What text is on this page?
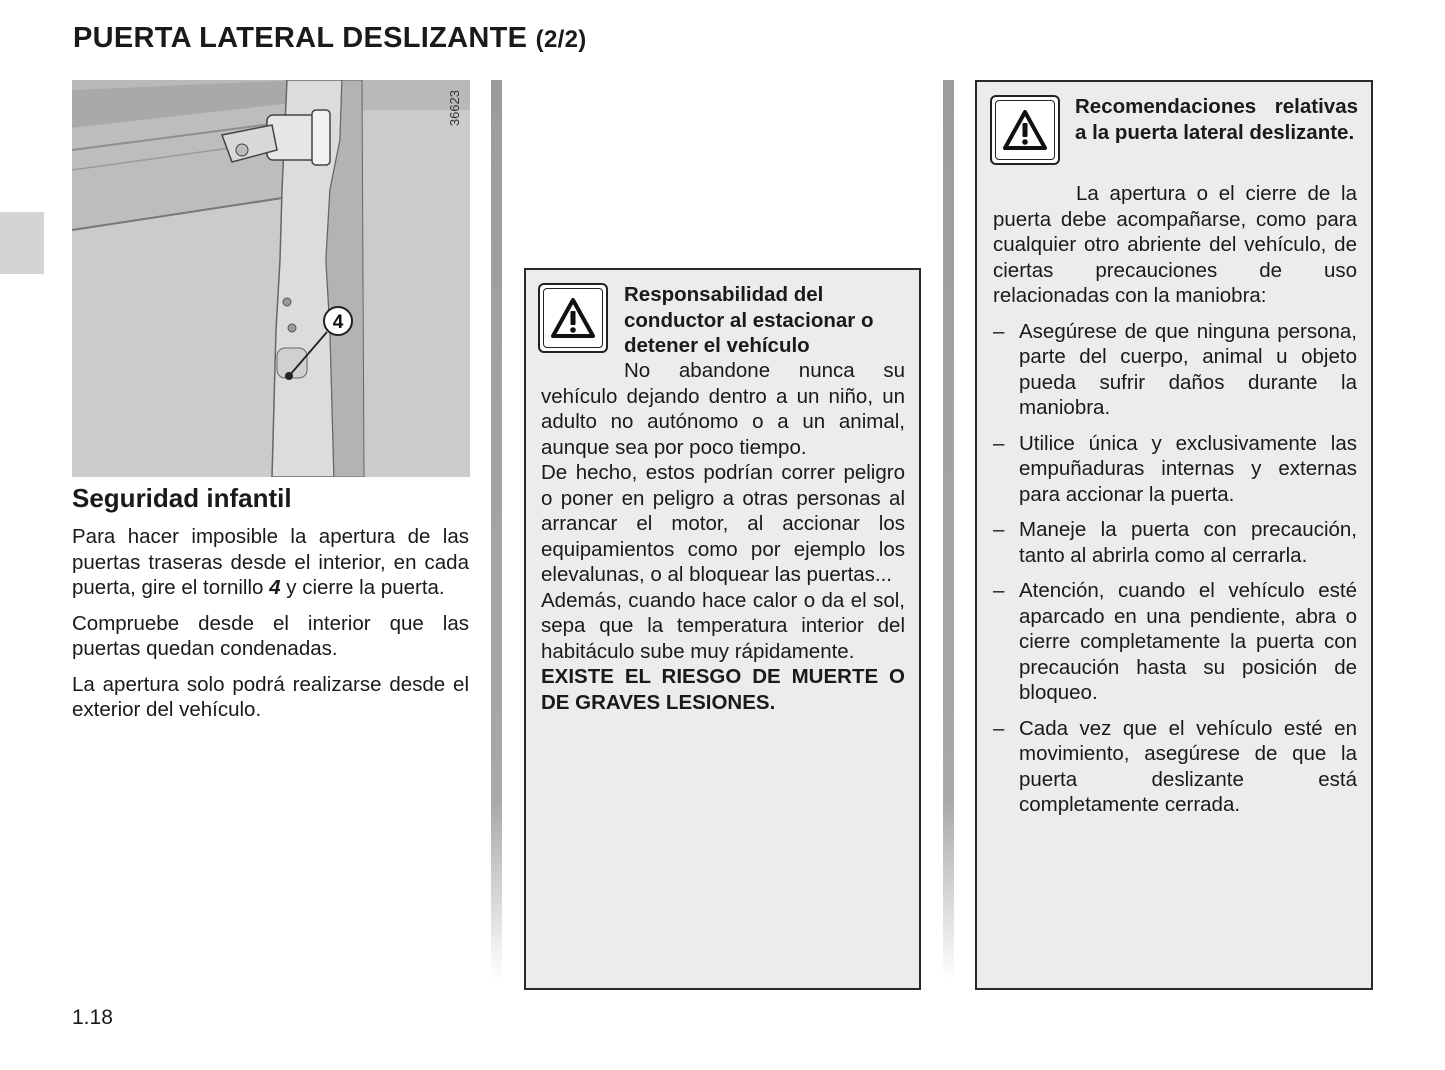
PUERTA LATERAL DESLIZANTE (2/2)
4
36623
Seguridad infantil

Para hacer imposible la apertura de las puertas traseras desde el interior, en cada puerta, gire el tornillo 4 y cierre la puerta.

Compruebe desde el interior que las puertas quedan condenadas.

La apertura solo podrá realizarse desde el exterior del vehículo.

Responsabilidad del conductor al estacionar o detener el vehículo

No abandone nunca su vehículo dejando dentro a un niño, un adulto no autónomo o a un animal, aunque sea por poco tiempo.

De hecho, estos podrían correr peligro o poner en peligro a otras personas al arrancar el motor, al accionar los equipamientos como por ejemplo los elevalunas, o al bloquear las puertas...

Además, cuando hace calor o da el sol, sepa que la temperatura interior del habitáculo sube muy rápidamente.

EXISTE EL RIESGO DE MUERTE O DE GRAVES LESIONES.

Recomendaciones relativas a la puerta lateral deslizante.

La apertura o el cierre de la puerta debe acompañarse, como para cualquier otro abriente del vehículo, de ciertas precauciones de uso relacionadas con la maniobra:

– Asegúrese de que ninguna persona, parte del cuerpo, animal u objeto pueda sufrir daños durante la maniobra.
– Utilice única y exclusivamente las empuñaduras internas y externas para accionar la puerta.
– Maneje la puerta con precaución, tanto al abrirla como al cerrarla.
– Atención, cuando el vehículo esté aparcado en una pendiente, abra o cierre completamente la puerta con precaución hasta su posición de bloqueo.
– Cada vez que el vehículo esté en movimiento, asegúrese de que la puerta deslizante está completamente cerrada.
1.18
